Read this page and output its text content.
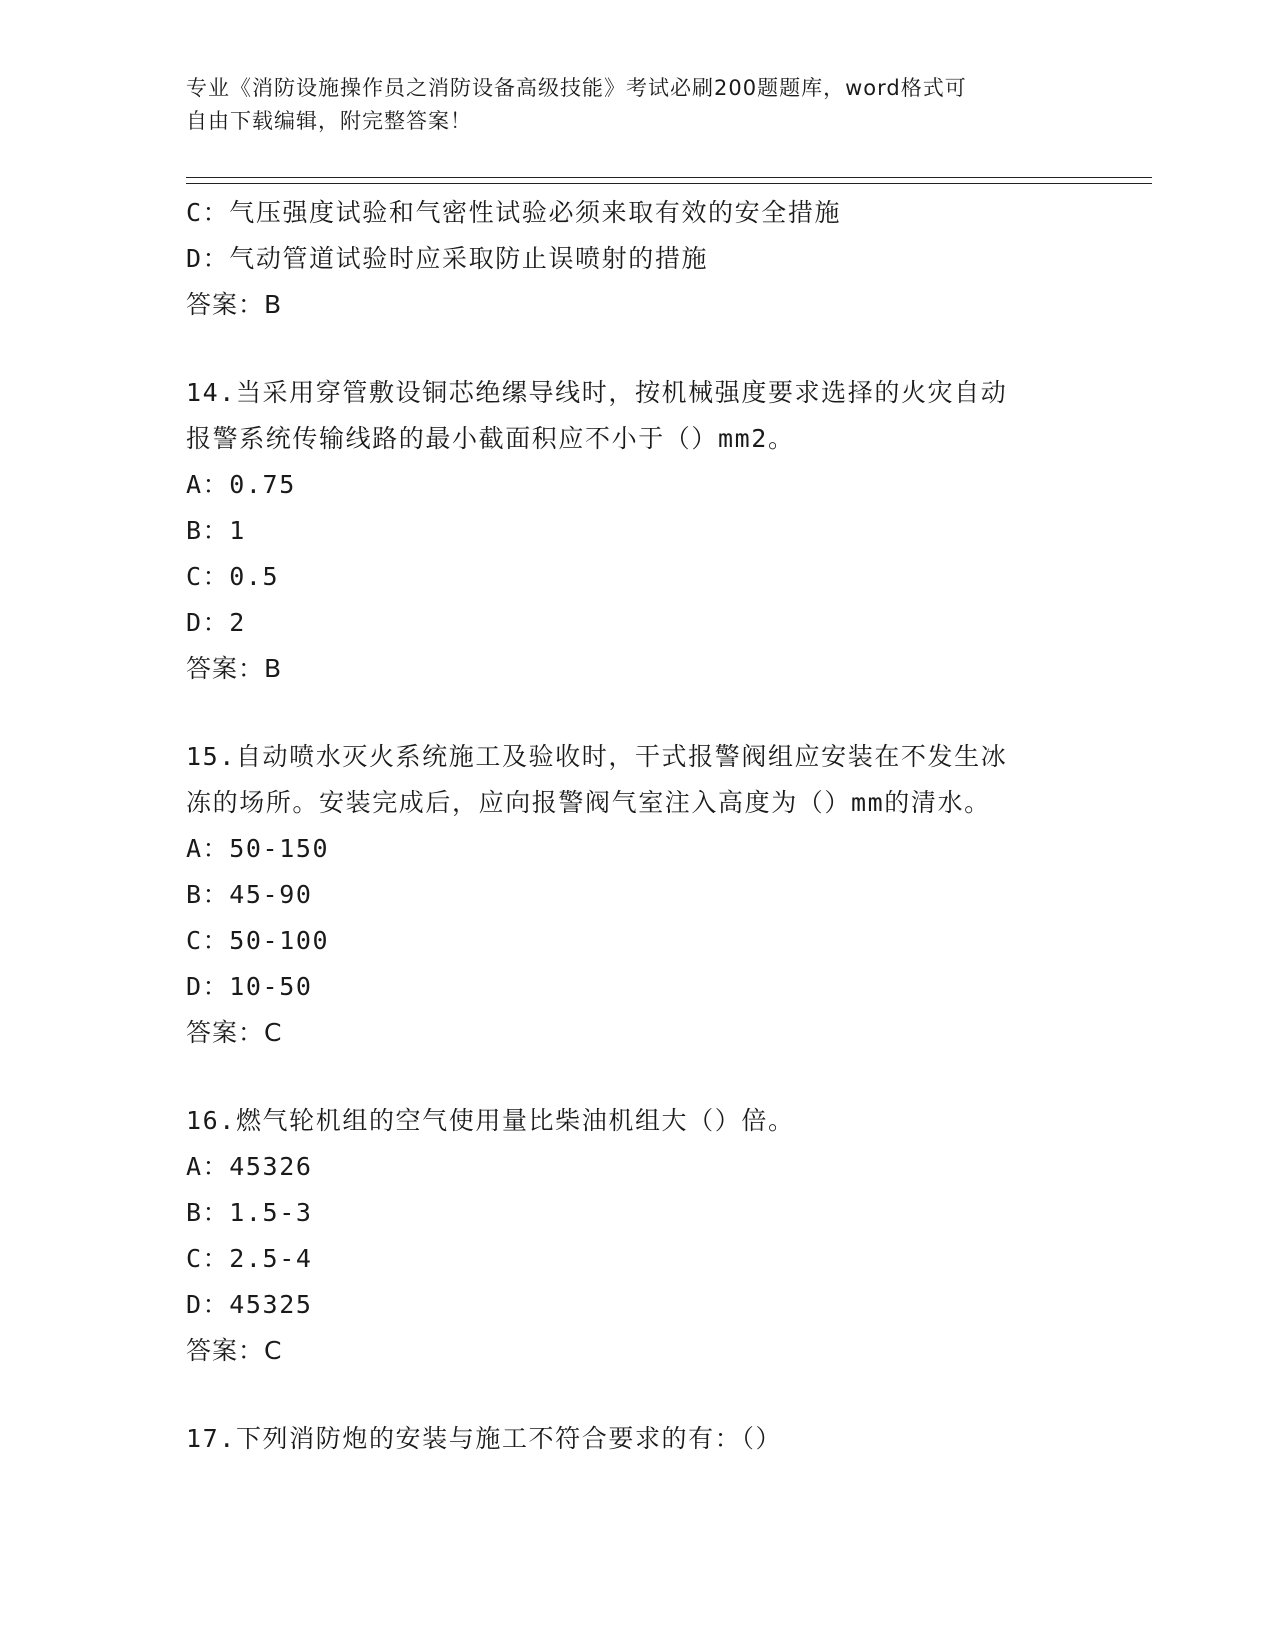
专业《消防设施操作员之消防设备高级技能》考试必刷200题题库，word格式可
自由下载编辑，附完整答案！
C：气压强度试验和气密性试验必须来取有效的安全措施
D：气动管道试验时应采取防止误喷射的措施
答案：B
14.当采用穿管敷设铜芯绝缧导线时，按机械强度要求选择的火灾自动
报警系统传输线路的最小截面积应不小于（）mm2。
A：0.75
B：1
C：0.5
D：2
答案：B
15.自动喷水灭火系统施工及验收时，干式报警阀组应安装在不发生冰
冻的场所。安装完成后，应向报警阀气室注入高度为（）mm的清水。
A：50-150
B：45-90
C：50-100
D：10-50
答案：C
16.燃气轮机组的空气使用量比柴油机组大（）倍。
A：45326
B：1.5-3
C：2.5-4
D：45325
答案：C
17.下列消防炮的安装与施工不符合要求的有：（）
